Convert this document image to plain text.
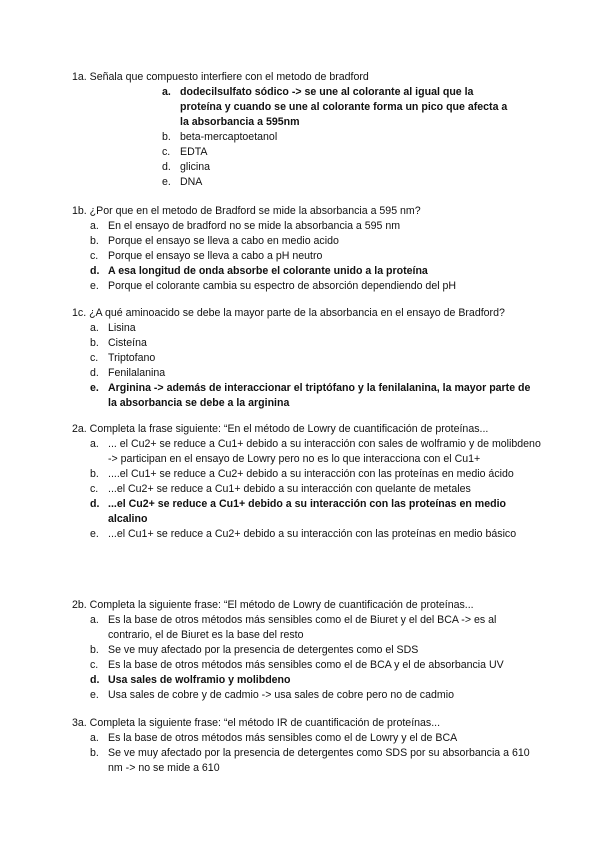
1a. Señala que compuesto interfiere con el metodo de bradford

a. dodecilsulfato sódico -> se une al colorante al igual que la proteína y cuando se une al colorante forma un pico que afecta a la absorbancia a 595nm
b. beta-mercaptoetanol
c. EDTA
d. glicina
e. DNA

1b. ¿Por que en el metodo de Bradford se mide la absorbancia a 595 nm?

a. En el ensayo de bradford no se mide la absorbancia a 595 nm
b. Porque el ensayo se lleva a cabo en medio acido
c. Porque el ensayo se lleva a cabo a pH neutro
d. A esa longitud de onda absorbe el colorante unido a la proteína
e. Porque el colorante cambia su espectro de absorción dependiendo del pH

1c. ¿A qué aminoacido se debe la mayor parte de la absorbancia en el ensayo de Bradford?

a. Lisina
b. Cisteína
c. Triptofano
d. Fenilalanina
e. Arginina -> además de interaccionar el triptófano y la fenilalanina, la mayor parte de la absorbancia se debe a la arginina

2a. Completa la frase siguiente: “En el método de Lowry de cuantificación de proteínas...

a. ... el Cu2+ se reduce a Cu1+ debido a su interacción con sales de wolframio y de molibdeno -> participan en el ensayo de Lowry pero no es lo que interacciona con el Cu1+
b. ....el Cu1+ se reduce a Cu2+ debido a su interacción con las proteínas en medio ácido
c. ...el Cu2+ se reduce a Cu1+ debido a su interacción con quelante de metales
d. ...el Cu2+ se reduce a Cu1+ debido a su interacción con las proteínas en medio alcalino
e. ...el Cu1+ se reduce a Cu2+ debido a su interacción con las proteínas en medio básico

2b. Completa la siguiente frase: “El método de Lowry de cuantificación de proteínas...

a. Es la base de otros métodos más sensibles como el de Biuret y el del BCA -> es al contrario, el de Biuret es la base del resto
b. Se ve muy afectado por la presencia de detergentes como el SDS
c. Es la base de otros métodos más sensibles como el de BCA y el de absorbancia UV
d. Usa sales de wolframio y molibdeno
e. Usa sales de cobre y de cadmio -> usa sales de cobre pero no de cadmio

3a. Completa la siguiente frase: “el método IR de cuantificación de proteínas...

a. Es la base de otros métodos más sensibles como el de Lowry y el de BCA
b. Se ve muy afectado por la presencia de detergentes como SDS por su absorbancia a 610 nm -> no se mide a 610
